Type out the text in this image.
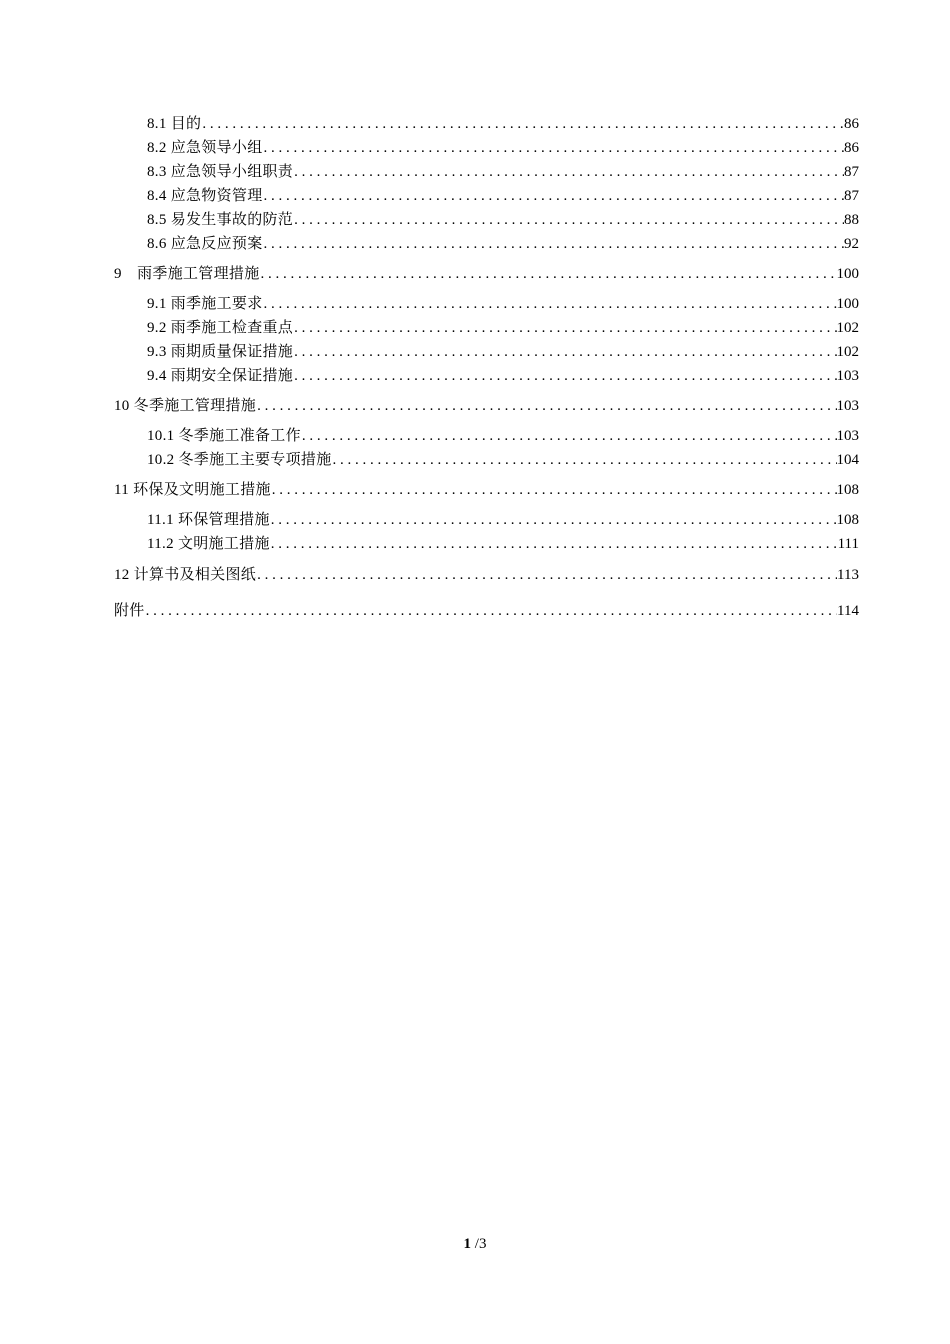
8.1 目的 . . .	86
8.2 应急领导小组 . . .	86
8.3 应急领导小组职责 . . .	87
8.4 应急物资管理 . . .	87
8.5 易发生事故的防范 . . .	88
8.6 应急反应预案 . . .	92
9　雨季施工管理措施 . . .	100
9.1 雨季施工要求 . . .	100
9.2 雨季施工检查重点 . . .	102
9.3 雨期质量保证措施 . . .	102
9.4 雨期安全保证措施 . . .	103
10 冬季施工管理措施 . . .	103
10.1 冬季施工准备工作 . . .	103
10.2 冬季施工主要专项措施 . . .	104
11 环保及文明施工措施 . . .	108
11.1 环保管理措施 . . .	108
11.2 文明施工措施 . . .	111
12 计算书及相关图纸 . . .	113
附件 . . .	114
1 /3
